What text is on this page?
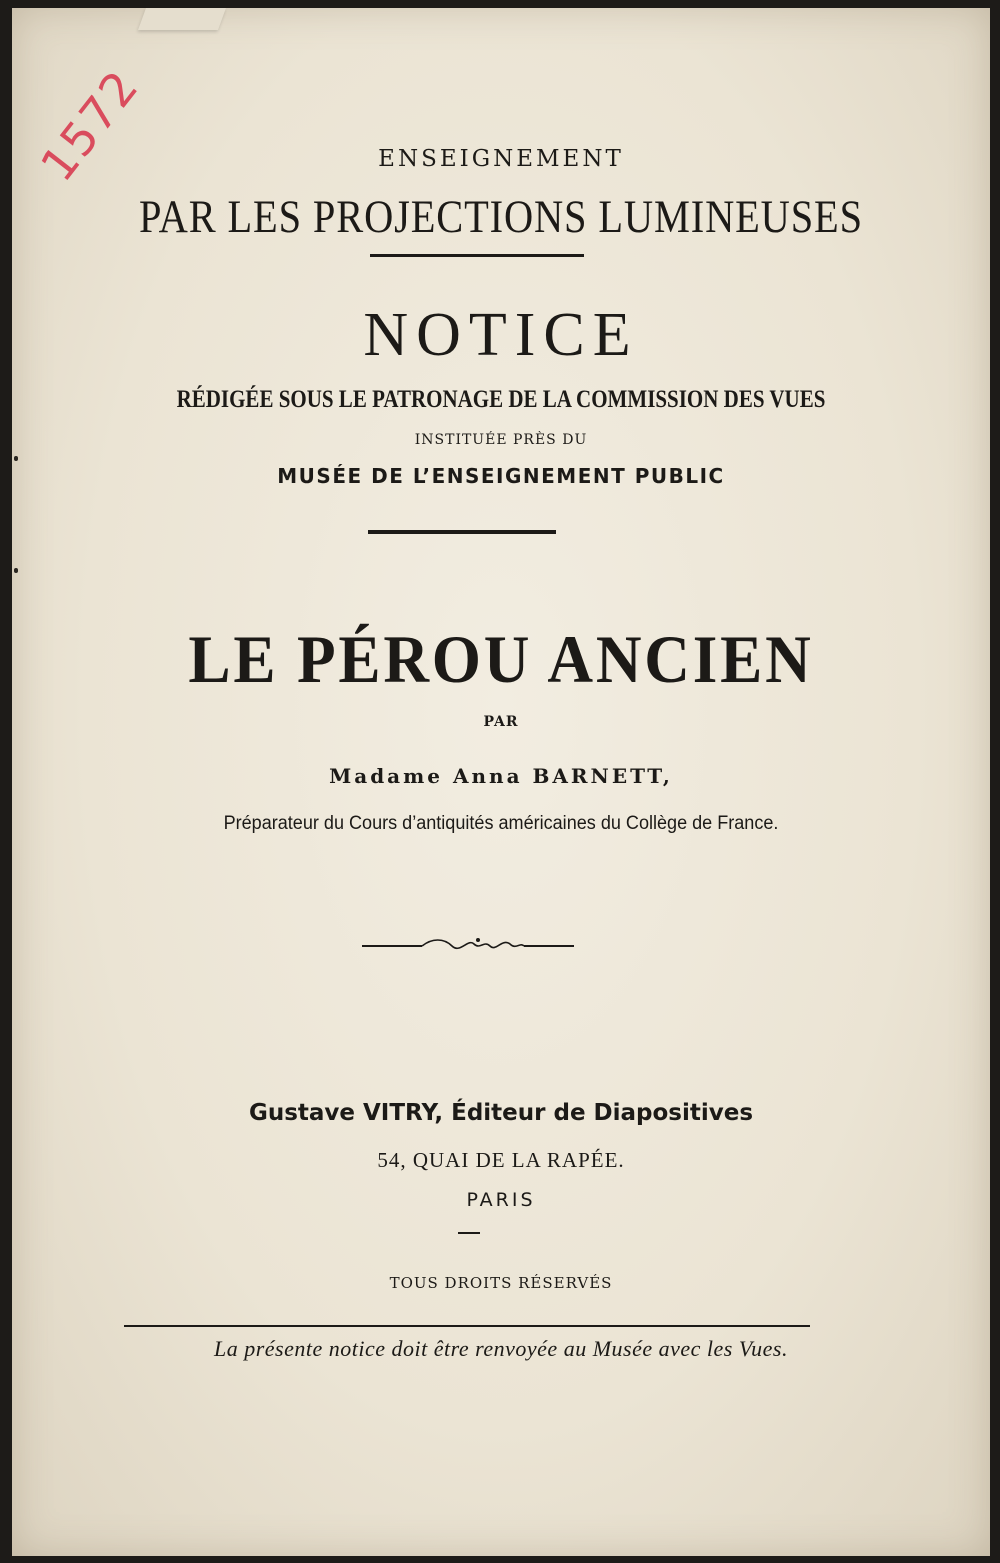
1572	ENSEIGNEMENT
PAR LES PROJECTIONS LUMINEUSES
NOTICE
RÉDIGÉE SOUS LE PATRONAGE DE LA COMMISSION DES VUES
INSTITUÉE PRÈS DU
MUSÉE DE L’ENSEIGNEMENT PUBLIC
LE PÉROU ANCIEN
PAR
Madame Anna BARNETT,
Préparateur du Cours d’antiquités américaines du Collège de France.
Gustave VITRY, Éditeur de Diapositives
54, QUAI DE LA RAPÉE.
PARIS
TOUS DROITS RÉSERVÉS
La présente notice doit être renvoyée au Musée avec les Vues.
